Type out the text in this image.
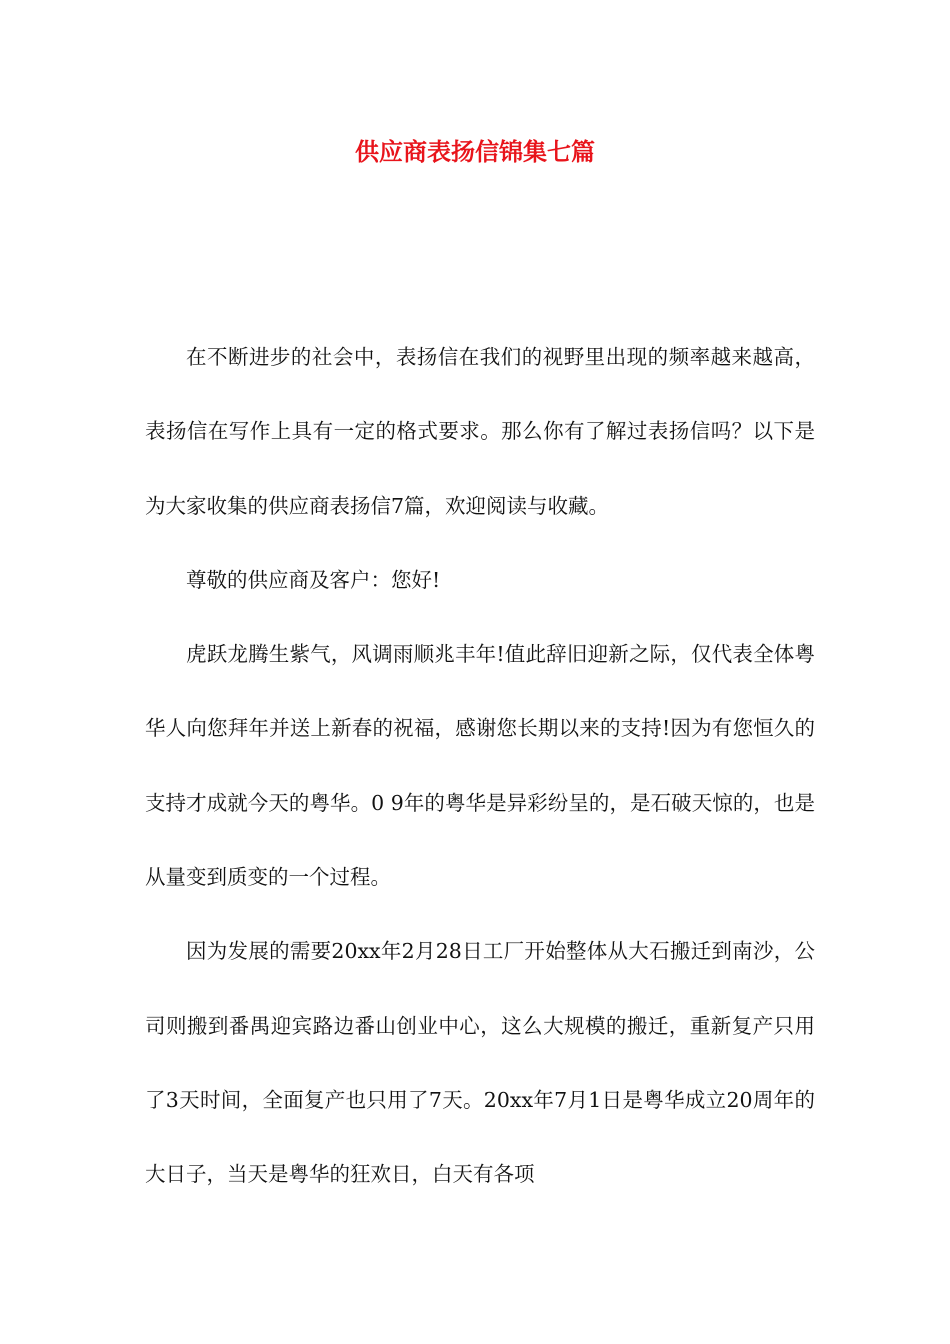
供应商表扬信锦集七篇

在不断进步的社会中，表扬信在我们的视野里出现的频率越来越高，表扬信在写作上具有一定的格式要求。那么你有了解过表扬信吗？以下是为大家收集的供应商表扬信7篇，欢迎阅读与收藏。

尊敬的供应商及客户：您好!

虎跃龙腾生紫气，风调雨顺兆丰年!值此辞旧迎新之际，仅代表全体粤华人向您拜年并送上新春的祝福，感谢您长期以来的支持!因为有您恒久的支持才成就今天的粤华。0 9年的粤华是异彩纷呈的，是石破天惊的，也是从量变到质变的一个过程。

因为发展的需要20xx年2月28日工厂开始整体从大石搬迁到南沙，公司则搬到番禺迎宾路边番山创业中心，这么大规模的搬迁，重新复产只用了3天时间，全面复产也只用了7天。20xx年7月1日是粤华成立20周年的大日子，当天是粤华的狂欢日，白天有各项
